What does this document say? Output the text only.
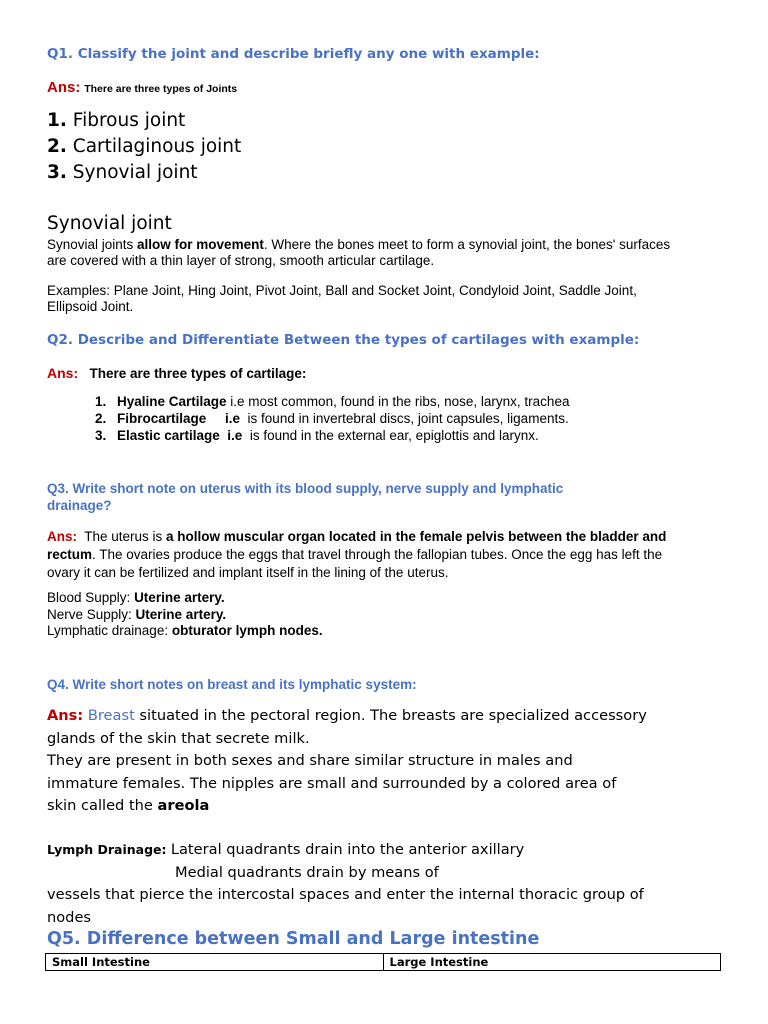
Q1. Classify the joint and describe briefly any one with example:
Ans: There are three types of Joints
1. Fibrous joint
2. Cartilaginous joint
3. Synovial joint
Synovial joint
Synovial joints allow for movement. Where the bones meet to form a synovial joint, the bones' surfaces
are covered with a thin layer of strong, smooth articular cartilage.
Examples: Plane Joint, Hing Joint, Pivot Joint, Ball and Socket Joint, Condyloid Joint, Saddle Joint,
Ellipsoid Joint.
Q2. Describe and Differentiate Between the types of cartilages with example:
Ans: There are three types of cartilage:
1. Hyaline Cartilage i.e most common, found in the ribs, nose, larynx, trachea
2. Fibrocartilage     i.e  is found in invertebral discs, joint capsules, ligaments.
3. Elastic cartilage  i.e  is found in the external ear, epiglottis and larynx.
Q3. Write short note on uterus with its blood supply, nerve supply and lymphatic
drainage?
Ans:  The uterus is a hollow muscular organ located in the female pelvis between the bladder and
rectum. The ovaries produce the eggs that travel through the fallopian tubes. Once the egg has left the
ovary it can be fertilized and implant itself in the lining of the uterus.
Blood Supply: Uterine artery.
Nerve Supply: Uterine artery.
Lymphatic drainage: obturator lymph nodes.
Q4. Write short notes on breast and its lymphatic system:
Ans: Breast situated in the pectoral region. The breasts are specialized accessory
glands of the skin that secrete milk.
They are present in both sexes and share similar structure in males and
immature females. The nipples are small and surrounded by a colored area of
skin called the areola
Lymph Drainage: Lateral quadrants drain into the anterior axillary
Medial quadrants drain by means of
vessels that pierce the intercostal spaces and enter the internal thoracic group of
nodes
Q5. Difference between Small and Large intestine
Small Intestine	Large Intestine
